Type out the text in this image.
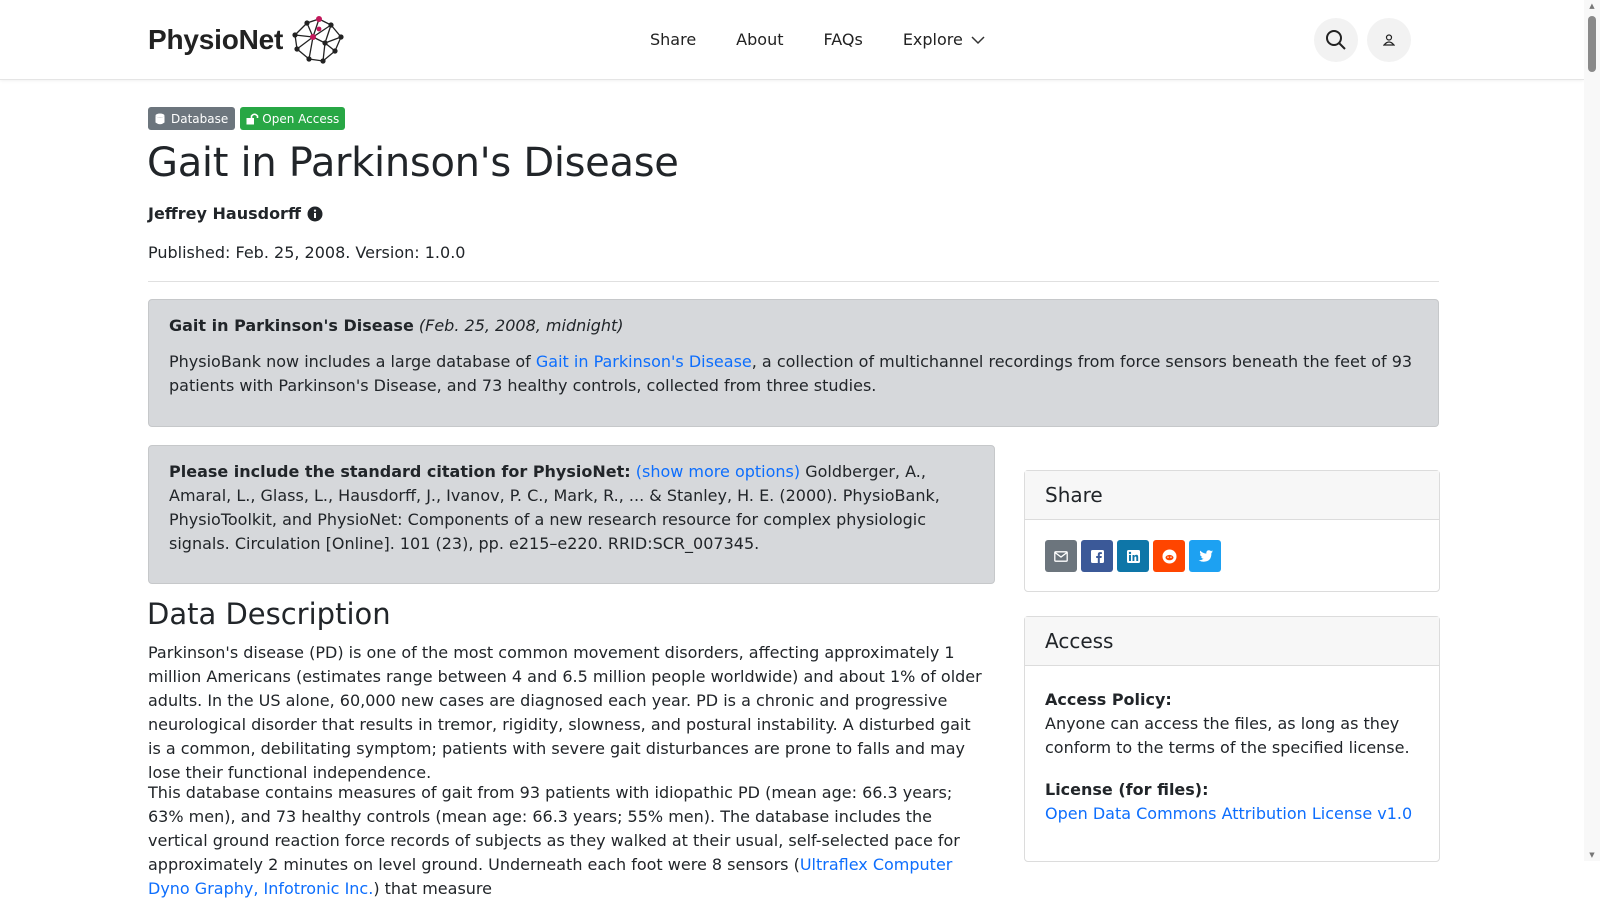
PhysioNet	Share	About	FAQs	Explore
▲
▼
Database	Open Access
Gait in Parkinson's Disease
Jeffrey Hausdorff
Published: Feb. 25, 2008. Version: 1.0.0
Gait in Parkinson's Disease (Feb. 25, 2008, midnight)
PhysioBank now includes a large database of Gait in Parkinson's Disease, a collection of multichannel recordings from force sensors beneath the feet of 93 patients with Parkinson's Disease, and 73 healthy controls, collected from three studies.
Please include the standard citation for PhysioNet: (show more options) Goldberger, A., Amaral, L., Glass, L., Hausdorff, J., Ivanov, P. C., Mark, R., ... & Stanley, H. E. (2000). PhysioBank, PhysioToolkit, and PhysioNet: Components of a new research resource for complex physiologic signals. Circulation [Online]. 101 (23), pp. e215–e220. RRID:SCR_007345.
Data Description

Parkinson's disease (PD) is one of the most common movement disorders, affecting approximately 1 million Americans (estimates range between 4 and 6.5 million people worldwide) and about 1% of older adults. In the US alone, 60,000 new cases are diagnosed each year. PD is a chronic and progressive neurological disorder that results in tremor, rigidity, slowness, and postural instability. A disturbed gait is a common, debilitating symptom; patients with severe gait disturbances are prone to falls and may lose their functional independence.

This database contains measures of gait from 93 patients with idiopathic PD (mean age: 66.3 years; 63% men), and 73 healthy controls (mean age: 66.3 years; 55% men). The database includes the vertical ground reaction force records of subjects as they walked at their usual, self-selected pace for approximately 2 minutes on level ground. Underneath each foot were 8 sensors (Ultraflex Computer Dyno Graphy, Infotronic Inc.) that measure

Share
Access
Access Policy:
Anyone can access the files, as long as they conform to the terms of the specified license.
License (for files):
Open Data Commons Attribution License v1.0
